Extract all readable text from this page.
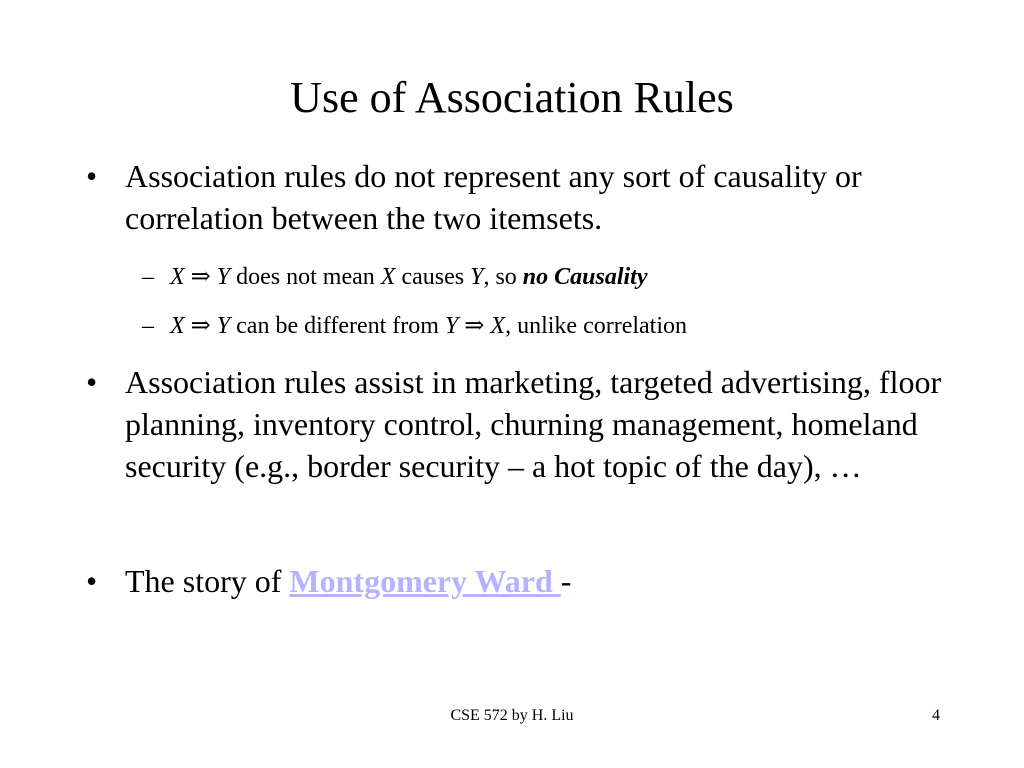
Use of Association Rules
• Association rules do not represent any sort of causality or correlation between the two itemsets.
– X ⇒ Y does not mean X causes Y, so no Causality
– X ⇒ Y can be different from Y ⇒ X, unlike correlation
• Association rules assist in marketing, targeted advertising, floor planning, inventory control, churning management, homeland security (e.g., border security – a hot topic of the day), …
• The story of Montgomery Ward -
CSE 572 by H. Liu	4
